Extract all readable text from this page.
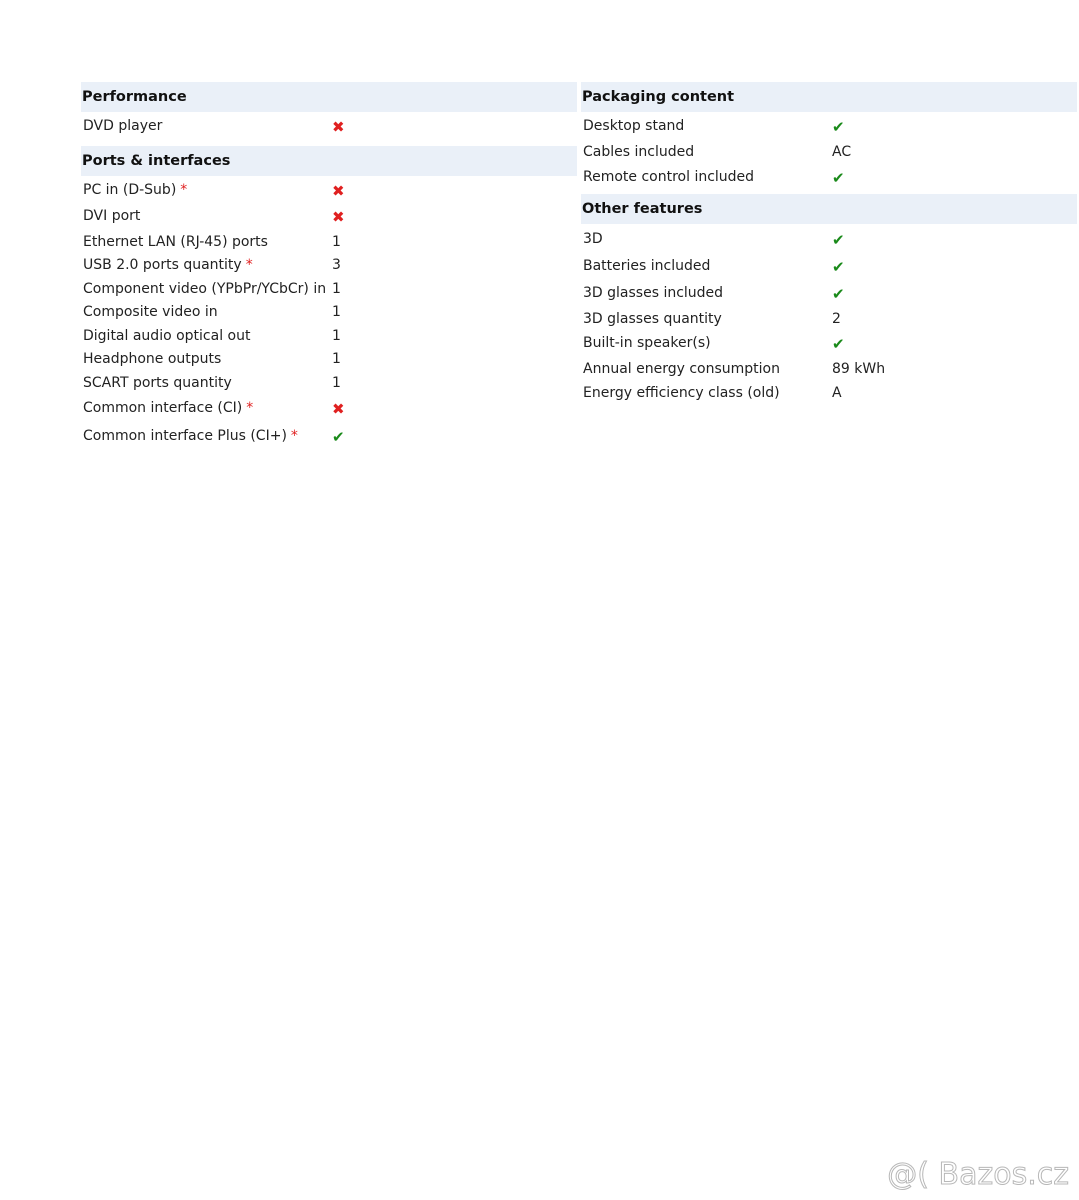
Performance
DVD player	✖
Ports & interfaces
PC in (D-Sub) *	✖
DVI port	✖
Ethernet LAN (RJ-45) ports	1
USB 2.0 ports quantity *	3
Component video (YPbPr/YCbCr) in 1
Composite video in	1
Digital audio optical out	1
Headphone outputs	1
SCART ports quantity	1
Common interface (CI) *	✖
Common interface Plus (CI+) * ✔
Packaging content
Desktop stand	✔
Cables included	AC
Remote control included	✔
Other features
3D	✔
Batteries included	✔
3D glasses included	✔
3D glasses quantity	2
Built-in speaker(s)	✔
Annual energy consumption	89 kWh
Energy efficiency class (old)	A
@( Bazos.cz
